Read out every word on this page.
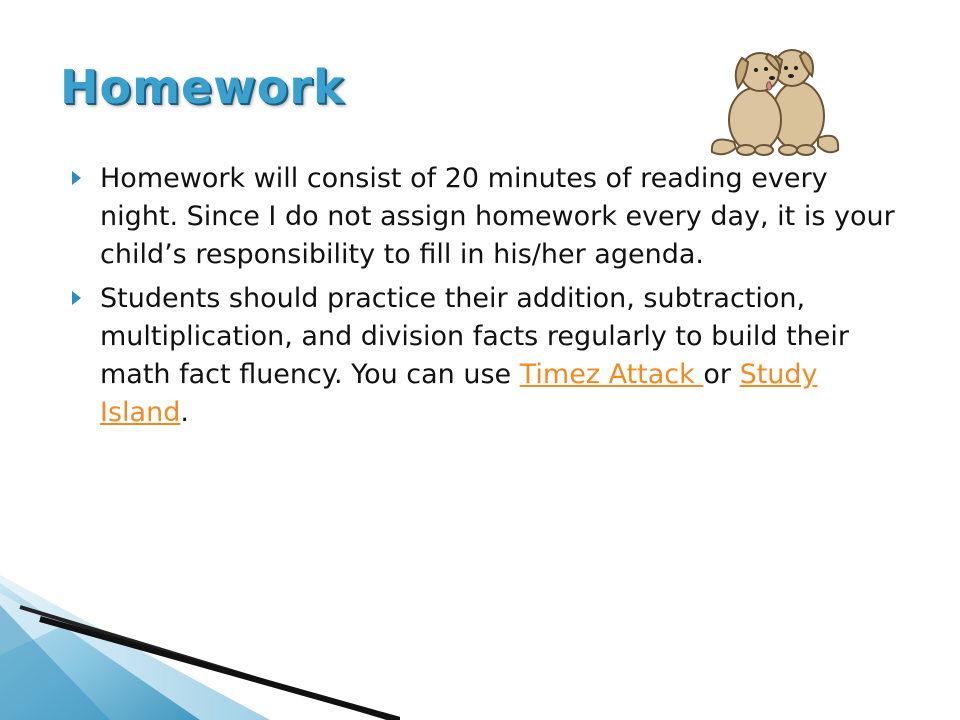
Homework
Homework will consist of 20 minutes of reading every night. Since I do not assign homework every day, it is your child’s responsibility to fill in his/her agenda.
Students should practice their addition, subtraction, multiplication, and division facts regularly to build their math fact fluency. You can use Timez Attack or Study Island.
